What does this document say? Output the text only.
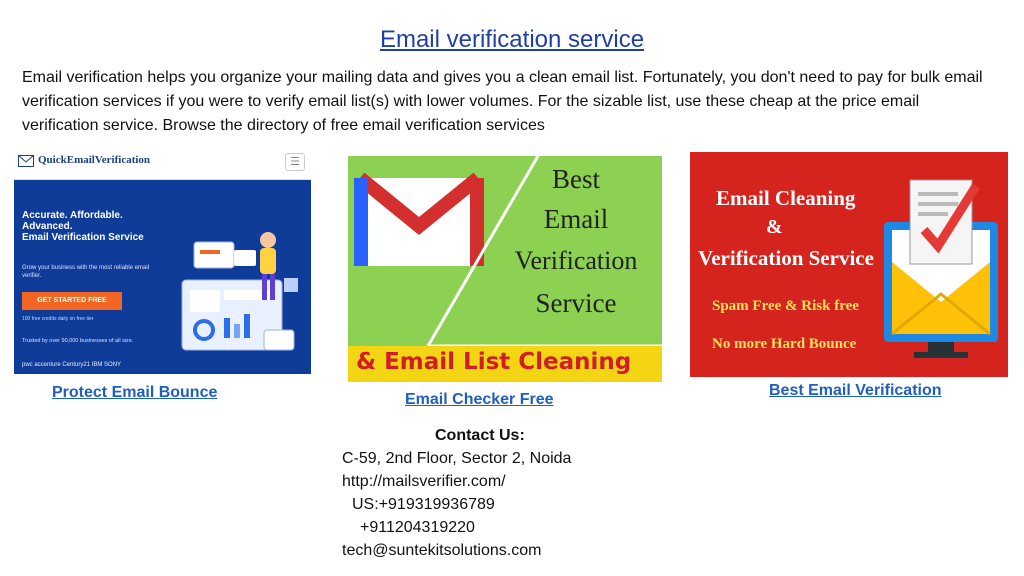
Email verification service
Email verification helps you organize your mailing data and gives you a clean email list. Fortunately, you don't need to pay for bulk email verification services if you were to verify email list(s) with lower volumes. For the sizable list, use these cheap at the price email verification service. Browse the directory of free email verification services
QuickEmailVerification	☰
Accurate. Affordable. Advanced.
Email Verification Service
Grow your business with the most reliable email verifier.
GET STARTED FREE
100 free credits daily on free tier
Trusted by over 90,000 businesses of all size.
pwc accenture Century21 IBM SONY
Protect Email Bounce
Best
Email
Verification
Service
& Email List Cleaning
Email Checker Free
Email Cleaning
&
Verification Service
Spam Free & Risk free
No more Hard Bounce
Best Email Verification
Contact Us:
C-59, 2nd Floor, Sector 2, Noida
http://mailsverifier.com/
US:+919319936789
+911204319220
tech@suntekitsolutions.com
